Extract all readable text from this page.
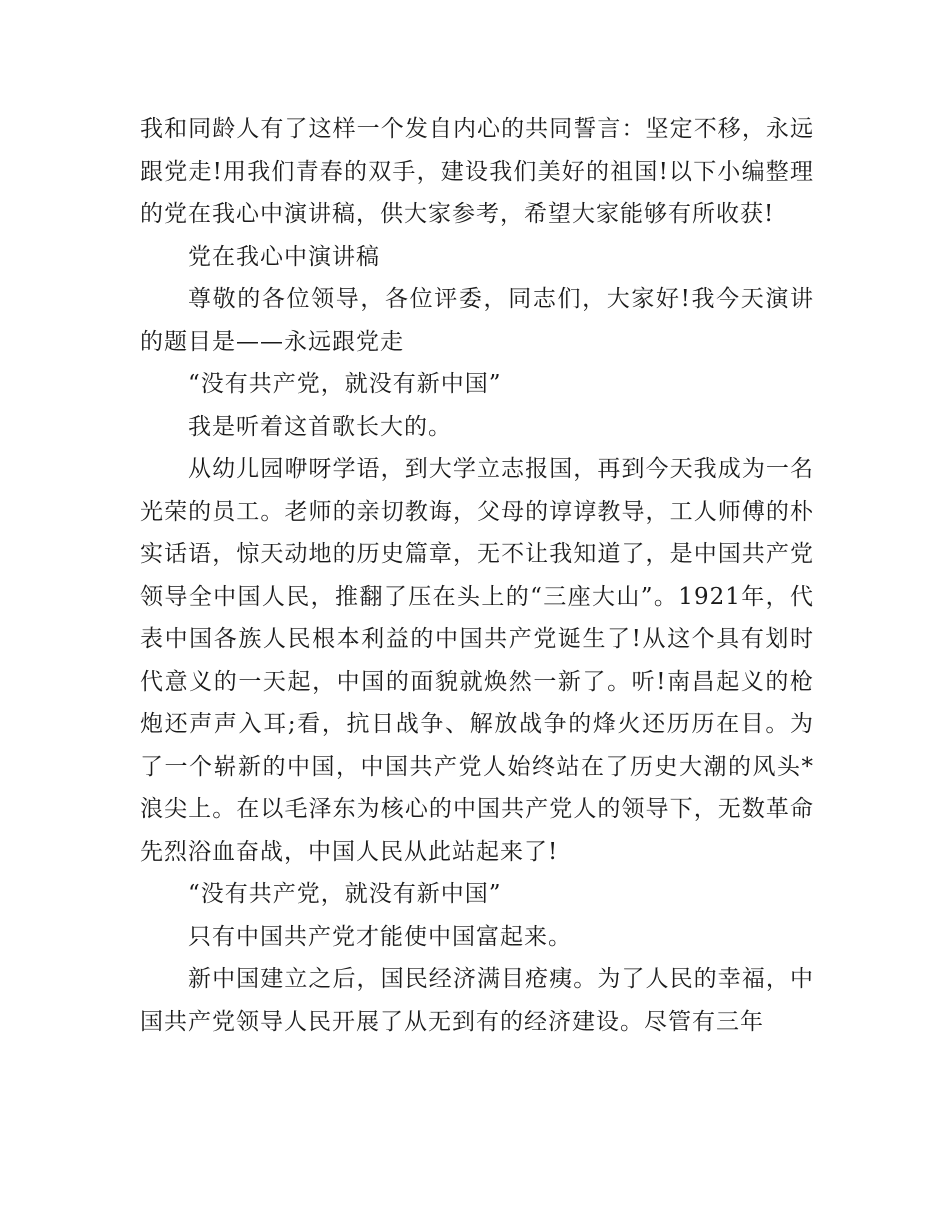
我和同龄人有了这样一个发自内心的共同誓言：坚定不移，永远跟党走!用我们青春的双手，建设我们美好的祖国!以下小编整理的党在我心中演讲稿，供大家参考，希望大家能够有所收获!

党在我心中演讲稿

尊敬的各位领导，各位评委，同志们，大家好!我今天演讲的题目是——永远跟党走

“没有共产党，就没有新中国”

我是听着这首歌长大的。

从幼儿园咿呀学语，到大学立志报国，再到今天我成为一名光荣的员工。老师的亲切教诲，父母的谆谆教导，工人师傅的朴实话语，惊天动地的历史篇章，无不让我知道了，是中国共产党领导全中国人民，推翻了压在头上的“三座大山”。1921年，代表中国各族人民根本利益的中国共产党诞生了!从这个具有划时代意义的一天起，中国的面貌就焕然一新了。听!南昌起义的枪炮还声声入耳;看，抗日战争、解放战争的烽火还历历在目。为了一个崭新的中国，中国共产党人始终站在了历史大潮的风头*浪尖上。在以毛泽东为核心的中国共产党人的领导下，无数革命先烈浴血奋战，中国人民从此站起来了!

“没有共产党，就没有新中国”

只有中国共产党才能使中国富起来。

新中国建立之后，国民经济满目疮痍。为了人民的幸福，中国共产党领导人民开展了从无到有的经济建设。尽管有三年
